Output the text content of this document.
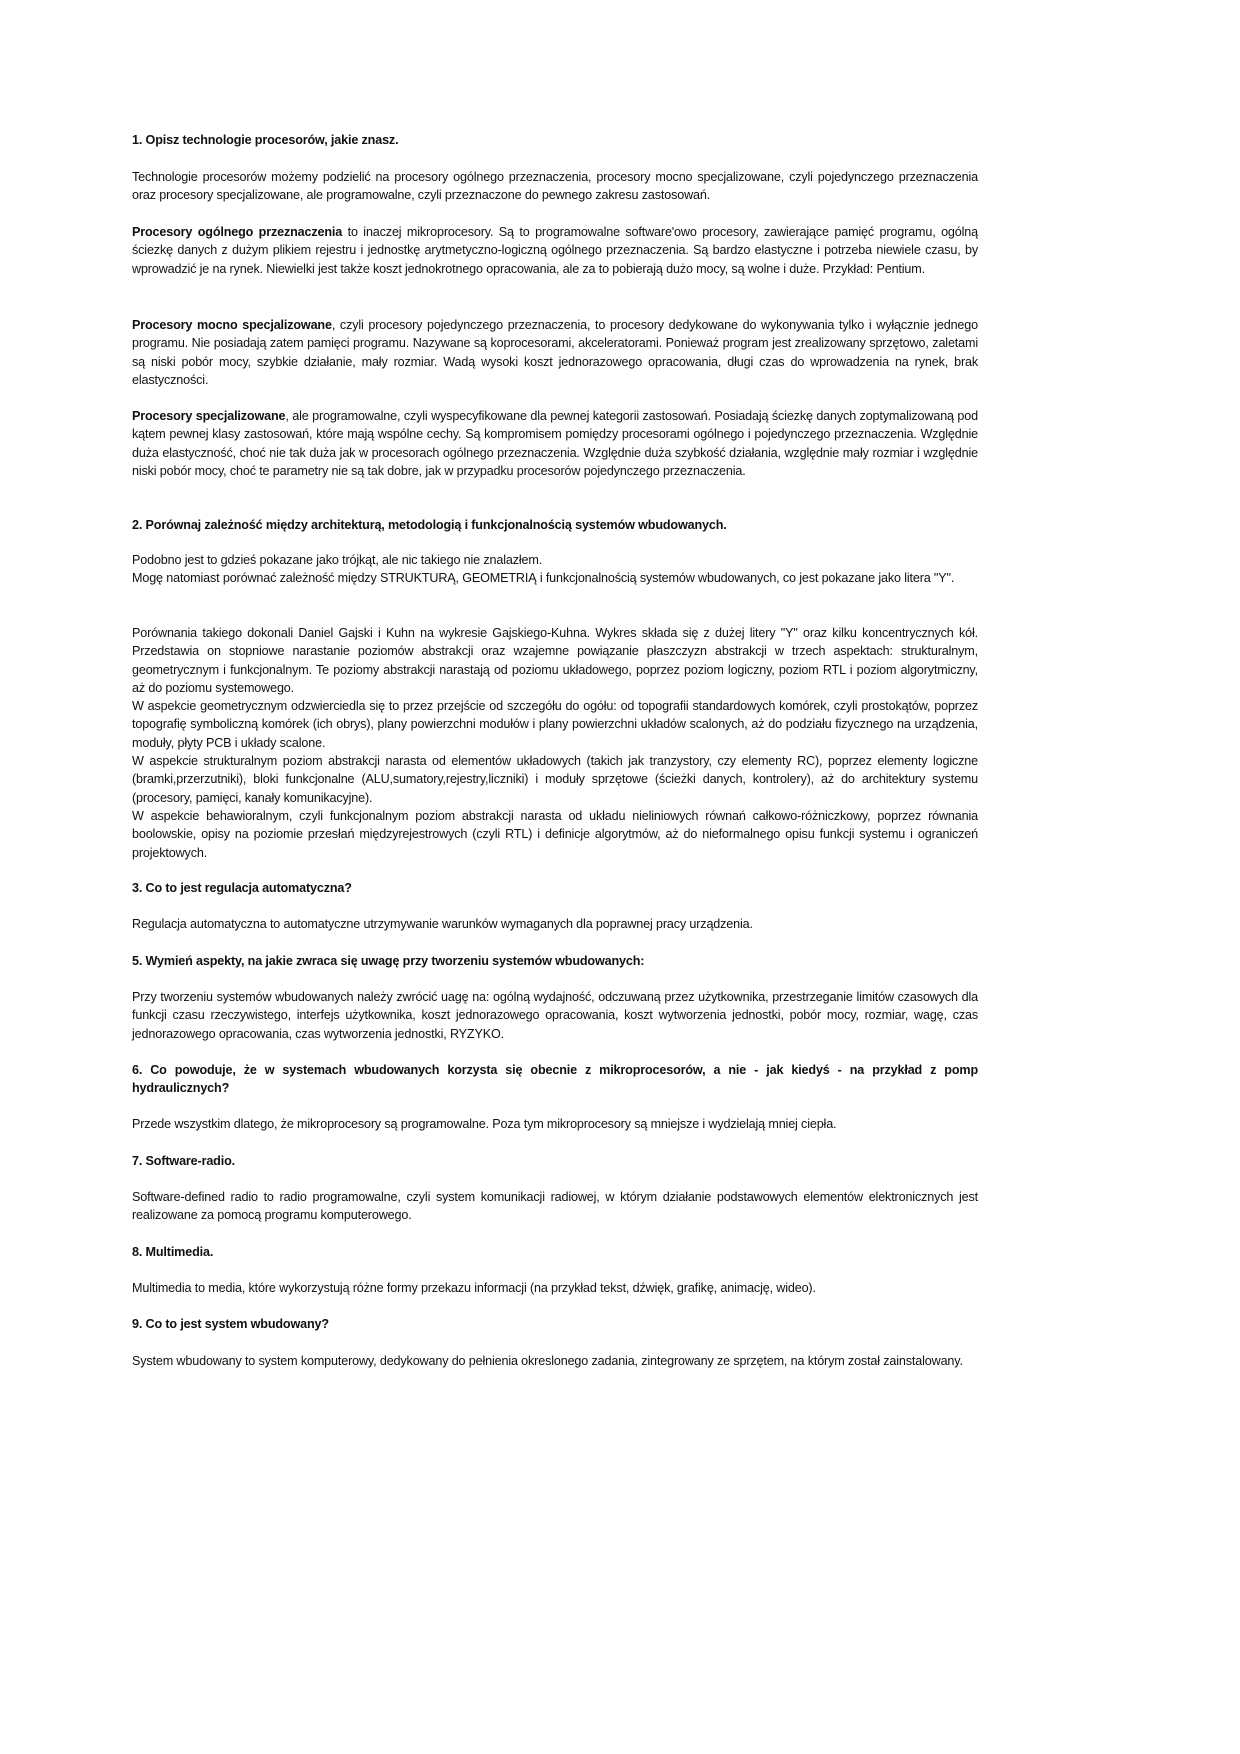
1. Opisz technologie procesorów, jakie znasz.
Technologie procesorów możemy podzielić na procesory ogólnego przeznaczenia, procesory mocno specjalizowane, czyli pojedynczego przeznaczenia oraz procesory specjalizowane, ale programowalne, czyli przeznaczone do pewnego zakresu zastosowań.
Procesory ogólnego przeznaczenia to inaczej mikroprocesory. Są to programowalne software'owo procesory, zawierające pamięć programu, ogólną ściezkę danych z dużym plikiem rejestru i jednostkę arytmetyczno-logiczną ogólnego przeznaczenia. Są bardzo elastyczne i potrzeba niewiele czasu, by wprowadzić je na rynek. Niewielki jest także koszt jednokrotnego opracowania, ale za to pobierają dużo mocy, są wolne i duże. Przykład: Pentium.
Procesory mocno specjalizowane, czyli procesory pojedynczego przeznaczenia, to procesory dedykowane do wykonywania tylko i wyłącznie jednego programu. Nie posiadają zatem pamięci programu. Nazywane są koprocesorami, akceleratorami. Ponieważ program jest zrealizowany sprzętowo, zaletami są niski pobór mocy, szybkie działanie, mały rozmiar. Wadą wysoki koszt jednorazowego opracowania, długi czas do wprowadzenia na rynek, brak elastyczności.
Procesory specjalizowane, ale programowalne, czyli wyspecyfikowane dla pewnej kategorii zastosowań. Posiadają ściezkę danych zoptymalizowaną pod kątem pewnej klasy zastosowań, które mają wspólne cechy. Są kompromisem pomiędzy procesorami ogólnego i pojedynczego przeznaczenia. Względnie duża elastyczność, choć nie tak duża jak w procesorach ogólnego przeznaczenia. Względnie duża szybkość działania, względnie mały rozmiar i względnie niski pobór mocy, choć te parametry nie są tak dobre, jak w przypadku procesorów pojedynczego przeznaczenia.
2. Porównaj zależność między architekturą, metodologią i funkcjonalnością systemów wbudowanych.
Podobno jest to gdzieś pokazane jako trójkąt, ale nic takiego nie znalazłem.
Mogę natomiast porównać zależność między STRUKTURĄ, GEOMETRIĄ i funkcjonalnością systemów wbudowanych, co jest pokazane jako litera "Y".
Porównania takiego dokonali Daniel Gajski i Kuhn na wykresie Gajskiego-Kuhna. Wykres składa się z dużej litery "Y" oraz kilku koncentrycznych kół. Przedstawia on stopniowe narastanie poziomów abstrakcji oraz wzajemne powiązanie płaszczyzn abstrakcji w trzech aspektach: strukturalnym, geometrycznym i funkcjonalnym. Te poziomy abstrakcji narastają od poziomu układowego, poprzez poziom logiczny, poziom RTL i poziom algorytmiczny, aż do poziomu systemowego.
W aspekcie geometrycznym odzwierciedla się to przez przejście od szczegółu do ogółu: od topografii standardowych komórek, czyli prostokątów, poprzez topografię symboliczną komórek (ich obrys), plany powierzchni modułów i plany powierzchni układów scalonych, aż do podziału fizycznego na urządzenia, moduły, płyty PCB i układy scalone.
W aspekcie strukturalnym poziom abstrakcji narasta od elementów układowych (takich jak tranzystory, czy elementy RC), poprzez elementy logiczne (bramki,przerzutniki), bloki funkcjonalne (ALU,sumatory,rejestry,liczniki) i moduły sprzętowe (ścieżki danych, kontrolery), aż do architektury systemu (procesory, pamięci, kanały komunikacyjne).
W aspekcie behawioralnym, czyli funkcjonalnym poziom abstrakcji narasta od układu nieliniowych równań całkowo-różniczkowy, poprzez równania boolowskie, opisy na poziomie przesłań międzyrejestrowych (czyli RTL) i definicje algorytmów, aż do nieformalnego opisu funkcji systemu i ograniczeń projektowych.
3. Co to jest regulacja automatyczna?
Regulacja automatyczna to automatyczne utrzymywanie warunków wymaganych dla poprawnej pracy urządzenia.
5. Wymień aspekty, na jakie zwraca się uwagę przy tworzeniu systemów wbudowanych:
Przy tworzeniu systemów wbudowanych należy zwrócić uagę na: ogólną wydajność, odczuwaną przez użytkownika, przestrzeganie limitów czasowych dla funkcji czasu rzeczywistego, interfejs użytkownika, koszt jednorazowego opracowania, koszt wytworzenia jednostki, pobór mocy, rozmiar, wagę, czas jednorazowego opracowania, czas wytworzenia jednostki, RYZYKO.
6. Co powoduje, że w systemach wbudowanych korzysta się obecnie z mikroprocesorów, a nie - jak kiedyś - na przykład z pomp hydraulicznych?
Przede wszystkim dlatego, że mikroprocesory są programowalne. Poza tym mikroprocesory są mniejsze i wydzielają mniej ciepła.
7. Software-radio.
Software-defined radio to radio programowalne, czyli system komunikacji radiowej, w którym działanie podstawowych elementów elektronicznych jest realizowane za pomocą programu komputerowego.
8. Multimedia.
Multimedia to media, które wykorzystują różne formy przekazu informacji (na przykład tekst, dźwięk, grafikę, animację, wideo).
9. Co to jest system wbudowany?
System wbudowany to system komputerowy, dedykowany do pełnienia okreslonego zadania, zintegrowany ze sprzętem, na którym został zainstalowany.
